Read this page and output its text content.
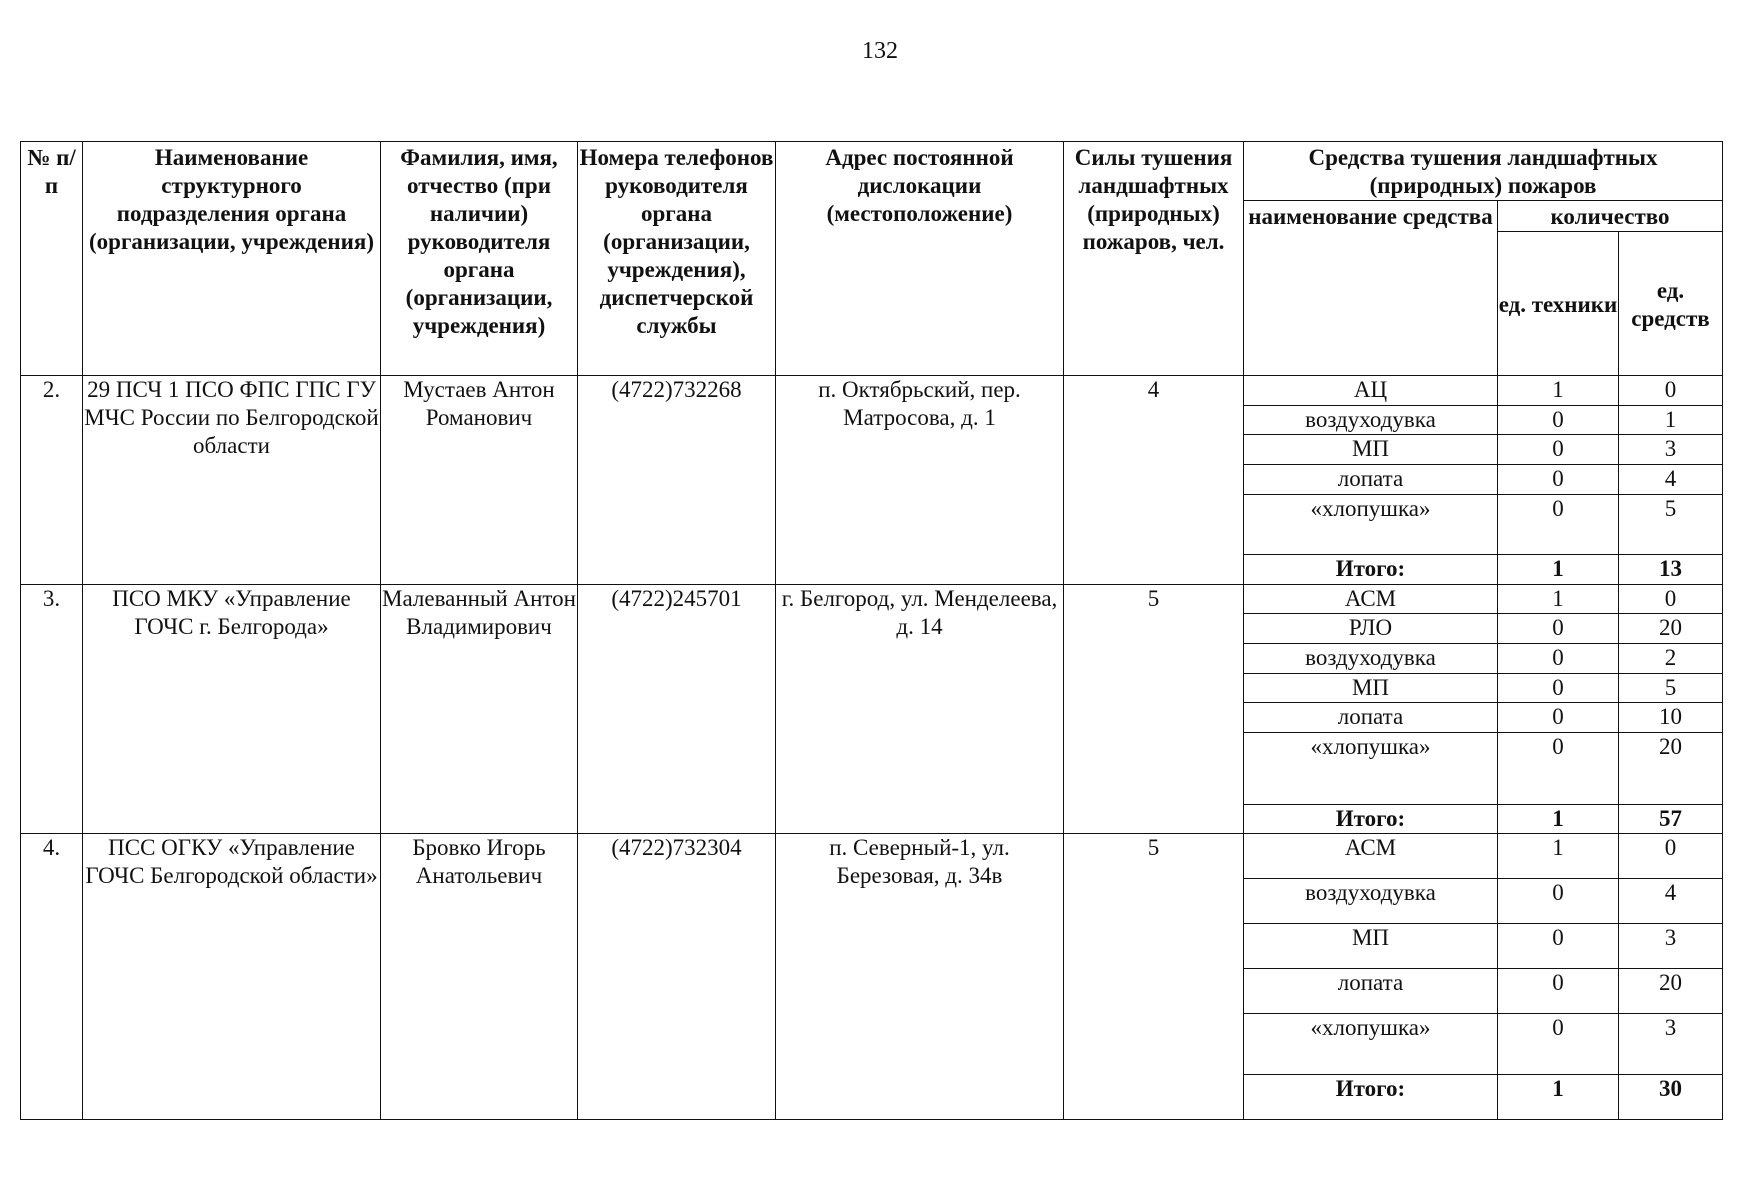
132
№ п/п	Наименование структурного подразделения органа (организации, учреждения)	Фамилия, имя, отчество (при наличии) руководителя органа (организации, учреждения)	Номера телефонов руководителя органа (организации, учреждения), диспетчерской службы	Адрес постоянной дислокации (местоположение)	Силы тушения ландшафтных (природных) пожаров, чел.	Средства тушения ландшафтных (природных) пожаров		
						наименование средства	количество	
							ед. техники	ед. средств
2.	29 ПСЧ 1 ПСО ФПС ГПС ГУ МЧС России по Белгородской области	Мустаев Антон Романович	(4722)732268	п. Октябрьский, пер. Матросова, д. 1	4	АЦ	1	0
						воздуходувка	0	1
						МП	0	3
						лопата	0	4
						«хлопушка»	0	5
						Итого:	1	13
3.	ПСО МКУ «Управление ГОЧС г. Белгорода»	Малеванный Антон Владимирович	(4722)245701	г. Белгород, ул. Менделеева, д. 14	5	АСМ	1	0
						РЛО	0	20
						воздуходувка	0	2
						МП	0	5
						лопата	0	10
						«хлопушка»	0	20
						Итого:	1	57
4.	ПСС ОГКУ «Управление ГОЧС Белгородской области»	Бровко Игорь Анатольевич	(4722)732304	п. Северный-1, ул. Березовая, д. 34в	5	АСМ	1	0
						воздуходувка	0	4
						МП	0	3
						лопата	0	20
						«хлопушка»	0	3
						Итого:	1	30
